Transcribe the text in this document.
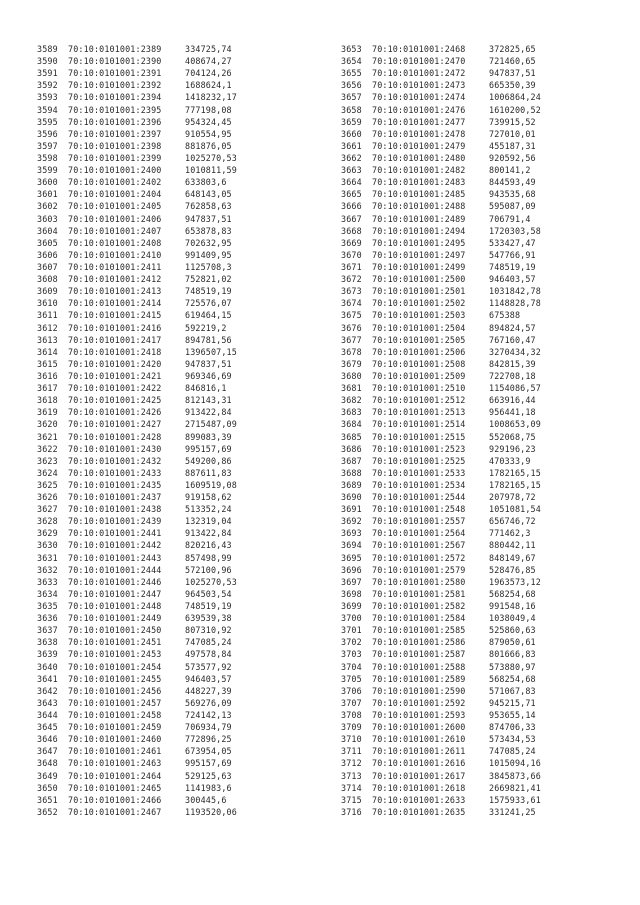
3589 70:10:0101001:2389	334725,74
3590 70:10:0101001:2390	408674,27
3591 70:10:0101001:2391	704124,26
3592 70:10:0101001:2392	1688624,1
3593 70:10:0101001:2394	1418232,17
3594 70:10:0101001:2395	777198,08
3595 70:10:0101001:2396	954324,45
3596 70:10:0101001:2397	910554,95
3597 70:10:0101001:2398	881876,05
3598 70:10:0101001:2399	1025270,53
3599 70:10:0101001:2400	1010811,59
3600 70:10:0101001:2402	633803,6
3601 70:10:0101001:2404	648143,05
3602 70:10:0101001:2405	762858,63
3603 70:10:0101001:2406	947837,51
3604 70:10:0101001:2407	653878,83
3605 70:10:0101001:2408	702632,95
3606 70:10:0101001:2410	991409,95
3607 70:10:0101001:2411	1125708,3
3608 70:10:0101001:2412	752821,02
3609 70:10:0101001:2413	748519,19
3610 70:10:0101001:2414	725576,07
3611 70:10:0101001:2415	619464,15
3612 70:10:0101001:2416	592219,2
3613 70:10:0101001:2417	894781,56
3614 70:10:0101001:2418	1396507,15
3615 70:10:0101001:2420	947837,51
3616 70:10:0101001:2421	969346,69
3617 70:10:0101001:2422	846816,1
3618 70:10:0101001:2425	812143,31
3619 70:10:0101001:2426	913422,84
3620 70:10:0101001:2427	2715487,09
3621 70:10:0101001:2428	899083,39
3622 70:10:0101001:2430	995157,69
3623 70:10:0101001:2432	549200,86
3624 70:10:0101001:2433	887611,83
3625 70:10:0101001:2435	1609519,08
3626 70:10:0101001:2437	919158,62
3627 70:10:0101001:2438	513352,24
3628 70:10:0101001:2439	132319,04
3629 70:10:0101001:2441	913422,84
3630 70:10:0101001:2442	820216,43
3631 70:10:0101001:2443	857498,99
3632 70:10:0101001:2444	572100,96
3633 70:10:0101001:2446	1025270,53
3634 70:10:0101001:2447	964503,54
3635 70:10:0101001:2448	748519,19
3636 70:10:0101001:2449	639539,38
3637 70:10:0101001:2450	807310,92
3638 70:10:0101001:2451	747085,24
3639 70:10:0101001:2453	497578,84
3640 70:10:0101001:2454	573577,92
3641 70:10:0101001:2455	946403,57
3642 70:10:0101001:2456	448227,39
3643 70:10:0101001:2457	569276,09
3644 70:10:0101001:2458	724142,13
3645 70:10:0101001:2459	706934,79
3646 70:10:0101001:2460	772896,25
3647 70:10:0101001:2461	673954,05
3648 70:10:0101001:2463	995157,69
3649 70:10:0101001:2464	529125,63
3650 70:10:0101001:2465	1141983,6
3651 70:10:0101001:2466	300445,6
3652 70:10:0101001:2467	1193520,06
3653 70:10:0101001:2468	372825,65
3654 70:10:0101001:2470	721460,65
3655 70:10:0101001:2472	947837,51
3656 70:10:0101001:2473	665350,39
3657 70:10:0101001:2474	1006864,24
3658 70:10:0101001:2476	1610200,52
3659 70:10:0101001:2477	739915,52
3660 70:10:0101001:2478	727010,01
3661 70:10:0101001:2479	455187,31
3662 70:10:0101001:2480	920592,56
3663 70:10:0101001:2482	800141,2
3664 70:10:0101001:2483	844593,49
3665 70:10:0101001:2485	943535,68
3666 70:10:0101001:2488	595087,09
3667 70:10:0101001:2489	706791,4
3668 70:10:0101001:2494	1720303,58
3669 70:10:0101001:2495	533427,47
3670 70:10:0101001:2497	547766,91
3671 70:10:0101001:2499	748519,19
3672 70:10:0101001:2500	946403,57
3673 70:10:0101001:2501	1031842,78
3674 70:10:0101001:2502	1148828,78
3675 70:10:0101001:2503	675388
3676 70:10:0101001:2504	894824,57
3677 70:10:0101001:2505	767160,47
3678 70:10:0101001:2506	3270434,32
3679 70:10:0101001:2508	842815,39
3680 70:10:0101001:2509	722708,18
3681 70:10:0101001:2510	1154086,57
3682 70:10:0101001:2512	663916,44
3683 70:10:0101001:2513	956441,18
3684 70:10:0101001:2514	1008653,09
3685 70:10:0101001:2515	552068,75
3686 70:10:0101001:2523	929196,23
3687 70:10:0101001:2525	470333,9
3688 70:10:0101001:2533	1782165,15
3689 70:10:0101001:2534	1782165,15
3690 70:10:0101001:2544	207978,72
3691 70:10:0101001:2548	1051081,54
3692 70:10:0101001:2557	656746,72
3693 70:10:0101001:2564	771462,3
3694 70:10:0101001:2567	880442,11
3695 70:10:0101001:2572	848149,67
3696 70:10:0101001:2579	528476,85
3697 70:10:0101001:2580	1963573,12
3698 70:10:0101001:2581	568254,68
3699 70:10:0101001:2582	991548,16
3700 70:10:0101001:2584	1038049,4
3701 70:10:0101001:2585	525860,63
3702 70:10:0101001:2586	879050,61
3703 70:10:0101001:2587	801666,83
3704 70:10:0101001:2588	573880,97
3705 70:10:0101001:2589	568254,68
3706 70:10:0101001:2590	571067,83
3707 70:10:0101001:2592	945215,71
3708 70:10:0101001:2593	953655,14
3709 70:10:0101001:2600	874706,33
3710 70:10:0101001:2610	573434,53
3711 70:10:0101001:2611	747085,24
3712 70:10:0101001:2616	1015094,16
3713 70:10:0101001:2617	3845873,66
3714 70:10:0101001:2618	2669821,41
3715 70:10:0101001:2633	1575933,61
3716 70:10:0101001:2635	331241,25
